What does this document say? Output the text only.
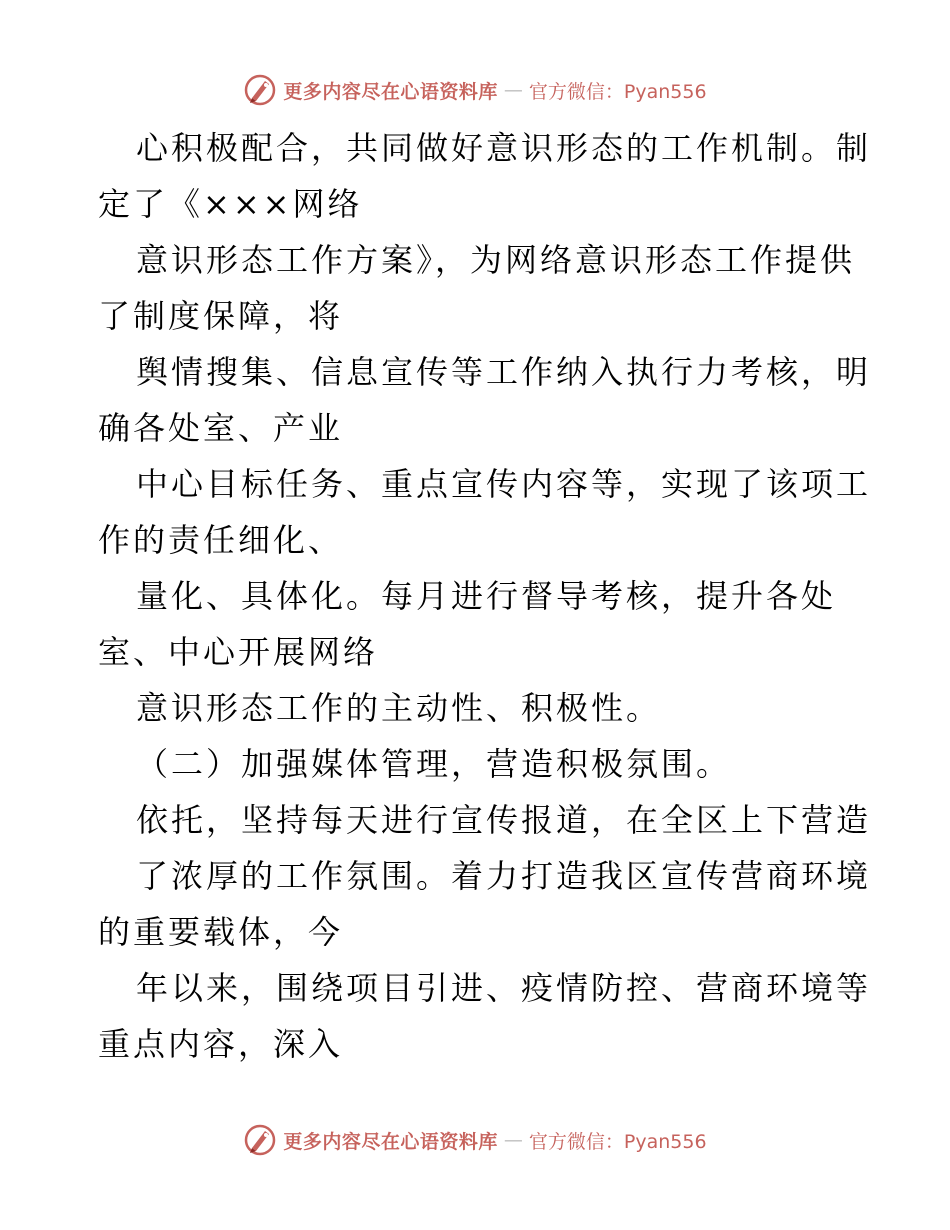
更多内容尽在心语资料库 — 官方微信：Pyan556
心积极配合，共同做好意识形态的工作机制。制
定了《×××网络
意识形态工作方案》，为网络意识形态工作提供
了制度保障，将
舆情搜集、信息宣传等工作纳入执行力考核，明
确各处室、产业
中心目标任务、重点宣传内容等，实现了该项工
作的责任细化、
量化、具体化。每月进行督导考核，提升各处
室、中心开展网络
意识形态工作的主动性、积极性。
（二）加强媒体管理，营造积极氛围。
依托，坚持每天进行宣传报道，在全区上下营造
了浓厚的工作氛围。着力打造我区宣传营商环境
的重要载体，今
年以来，围绕项目引进、疫情防控、营商环境等
重点内容，深入
更多内容尽在心语资料库 — 官方微信：Pyan556
